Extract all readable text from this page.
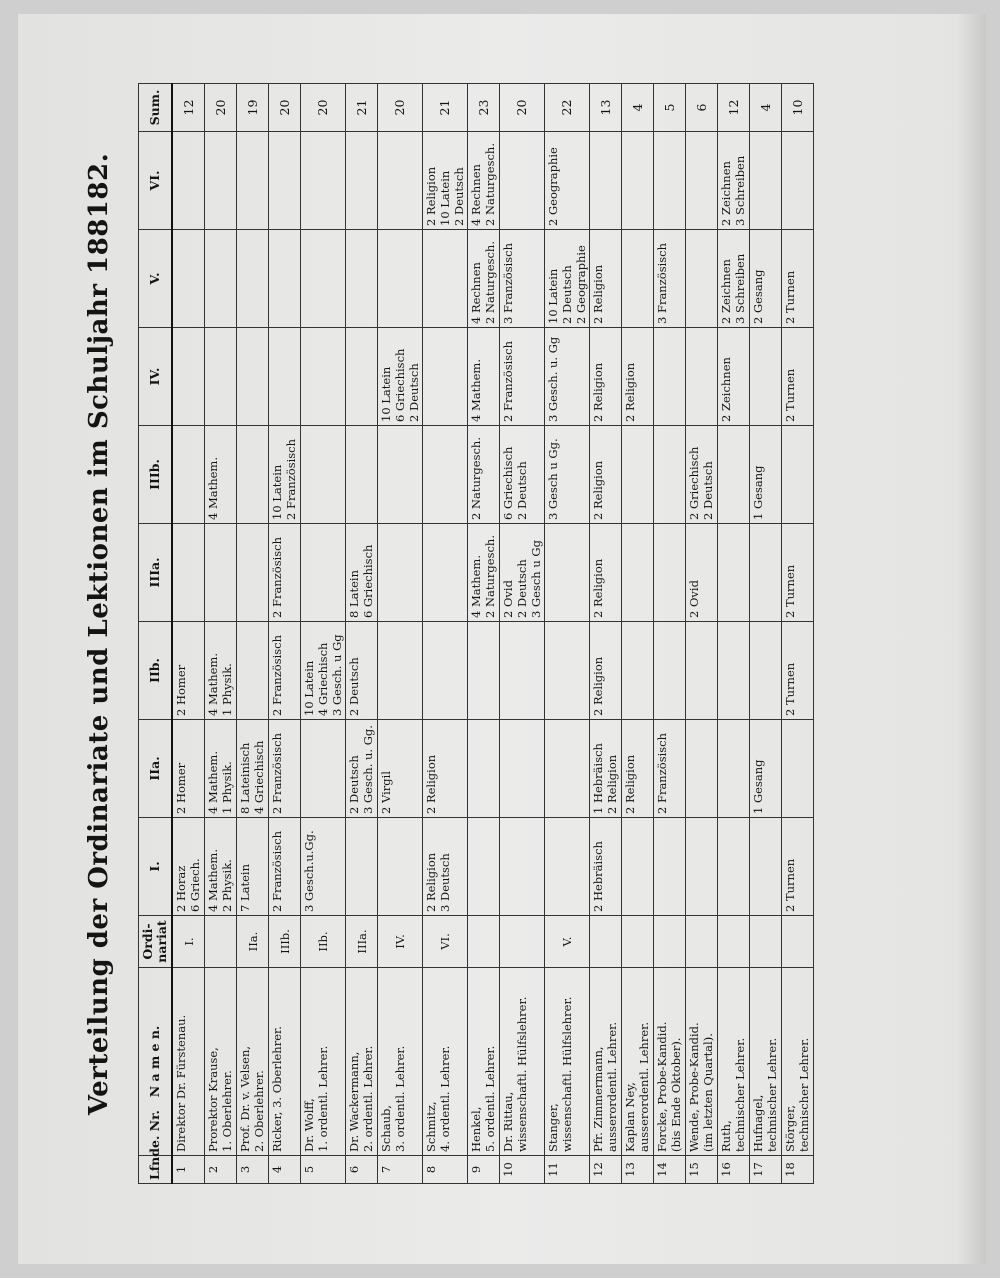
Verteilung der Ordinariate und Lektionen im Schuljahr 188182.
Lfnde. Nr.	N a m e n.	Ordi- nariat	I.	IIa.	IIb.	IIIa.	IIIb.	IV.	V.	VI.	Sum.

1	Direktor Dr. Fürstenau.	I.	2 Horaz 6 Griech.	2 Homer	2 Homer						12
2	Prorektor Krause, 1. Oberlehrer.		4 Mathem. 2 Physik.	4 Mathem. 1 Physik.	4 Mathem. 1 Physik.		4 Mathem.				20
3	Prof. Dr. v. Velsen, 2. Oberlehrer.	IIa.	7 Latein	8 Lateinisch 4 Griechisch							19
4	Ricker, 3. Oberlehrer.	IIIb.	2 Französisch	2 Französisch	2 Französisch	2 Französisch	10 Latein 2 Französisch				20
5	Dr. Wolff, 1. ordentl. Lehrer.	IIb.	3 Gesch.u.Gg.		10 Latein 4 Griechisch 3 Gesch. u Gg						20
6	Dr. Wackermann, 2. ordentl. Lehrer.	IIIa.		2 Deutsch 3 Gesch. u. Gg.	2 Deutsch	8 Latein 6 Griechisch					21
7	Schaub, 3. ordentl. Lehrer.	IV.		2 Virgil				10 Latein 6 Griechisch 2 Deutsch			20
8	Schmitz, 4. ordentl. Lehrer.	VI.	2 Religion 3 Deutsch	2 Religion						2 Religion 10 Latein 2 Deutsch	21
9	Henkel, 5. ordentl. Lehrer.					4 Mathem. 2 Naturgesch.	2 Naturgesch.	4 Mathem.	4 Rechnen 2 Naturgesch.	4 Rechnen 2 Naturgesch.	23
10	Dr. Rittau, wissenschaftl. Hülfslehrer.					2 Ovid 2 Deutsch 3 Gesch u Gg	6 Griechisch 2 Deutsch	2 Französisch	3 Französisch		20
11	Stanger, wissenschaftl. Hülfslehrer.	V.					3 Gesch u Gg.	3 Gesch. u. Gg	10 Latein 2 Deutsch 2 Geographie	2 Geographie	22
12	Pfr. Zimmermann, ausserordentl. Lehrer.		2 Hebräisch	1 Hebräisch 2 Religion	2 Religion	2 Religion	2 Religion	2 Religion	2 Religion		13
13	Kaplan Ney, ausserordentl. Lehrer.			2 Religion				2 Religion			4
14	Forcke, Probe-Kandid. (bis Ende Oktober).			2 Französisch					3 Französisch		5
15	Wende, Probe-Kandid. (im letzten Quartal).					2 Ovid	2 Griechisch 2 Deutsch				6
16	Ruth, technischer Lehrer.							2 Zeichnen	2 Zeichnen 3 Schreiben	2 Zeichnen 3 Schreiben	12
17	Hufnagel, technischer Lehrer.			1 Gesang			1 Gesang		2 Gesang		4
18	Störger, technischer Lehrer.		2 Turnen		2 Turnen	2 Turnen		2 Turnen	2 Turnen		10
